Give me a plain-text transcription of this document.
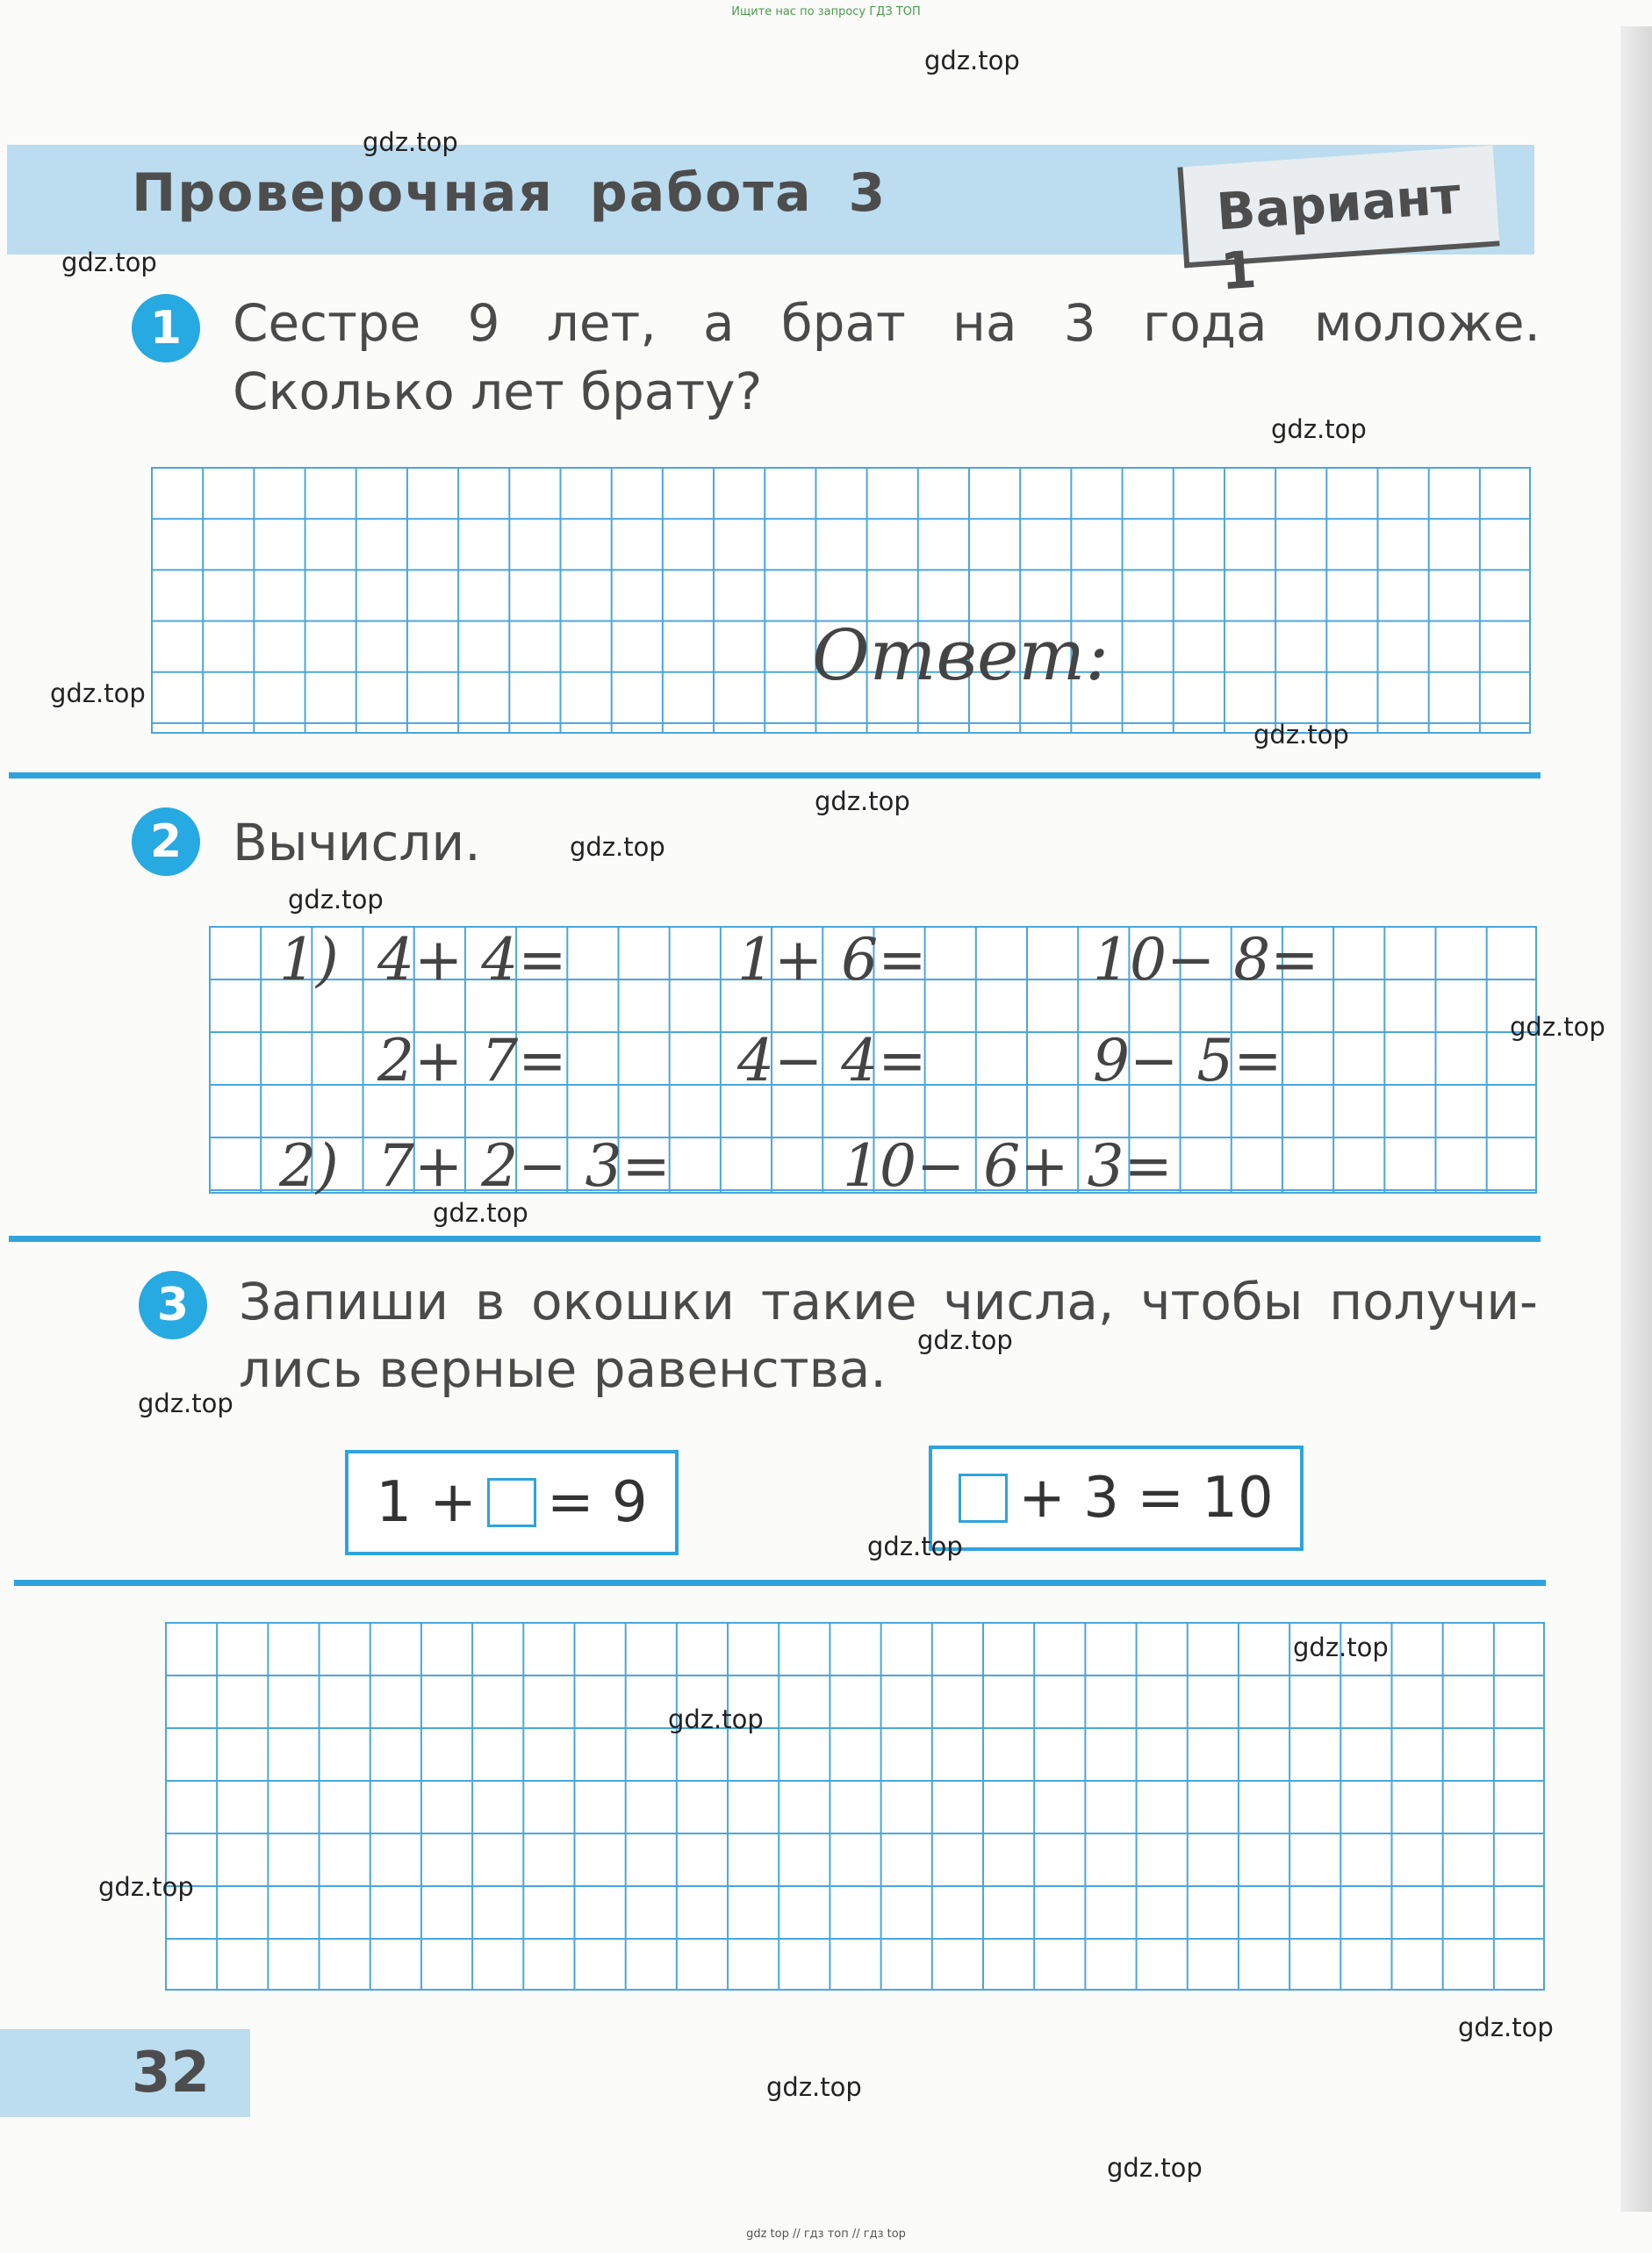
Ищите нас по запросу ГДЗ ТОП
Проверочная работа 3	Вариант 1
1 Сестре 9 лет, а брат на 3 года моложе.
Сколько лет брату?
Ответ:
2 Вычисли.
1) 4+ 4=	1+ 6=	10− 8=
2+ 7=	4− 4=	9− 5=
2) 7+ 2− 3=	10− 6+ 3=
3 Запиши в окошки такие числа, чтобы получи-
лись верные равенства.
1 + = 9	+ 3 = 10
32
gdz top // гдз топ // гдз top
gdz.top
gdz.top
gdz.top
gdz.top
gdz.top
gdz.top
gdz.top
gdz.top
gdz.top
gdz.top
gdz.top
gdz.top
gdz.top
gdz.top
gdz.top
gdz.top
gdz.top
gdz.top
gdz.top
gdz.top
